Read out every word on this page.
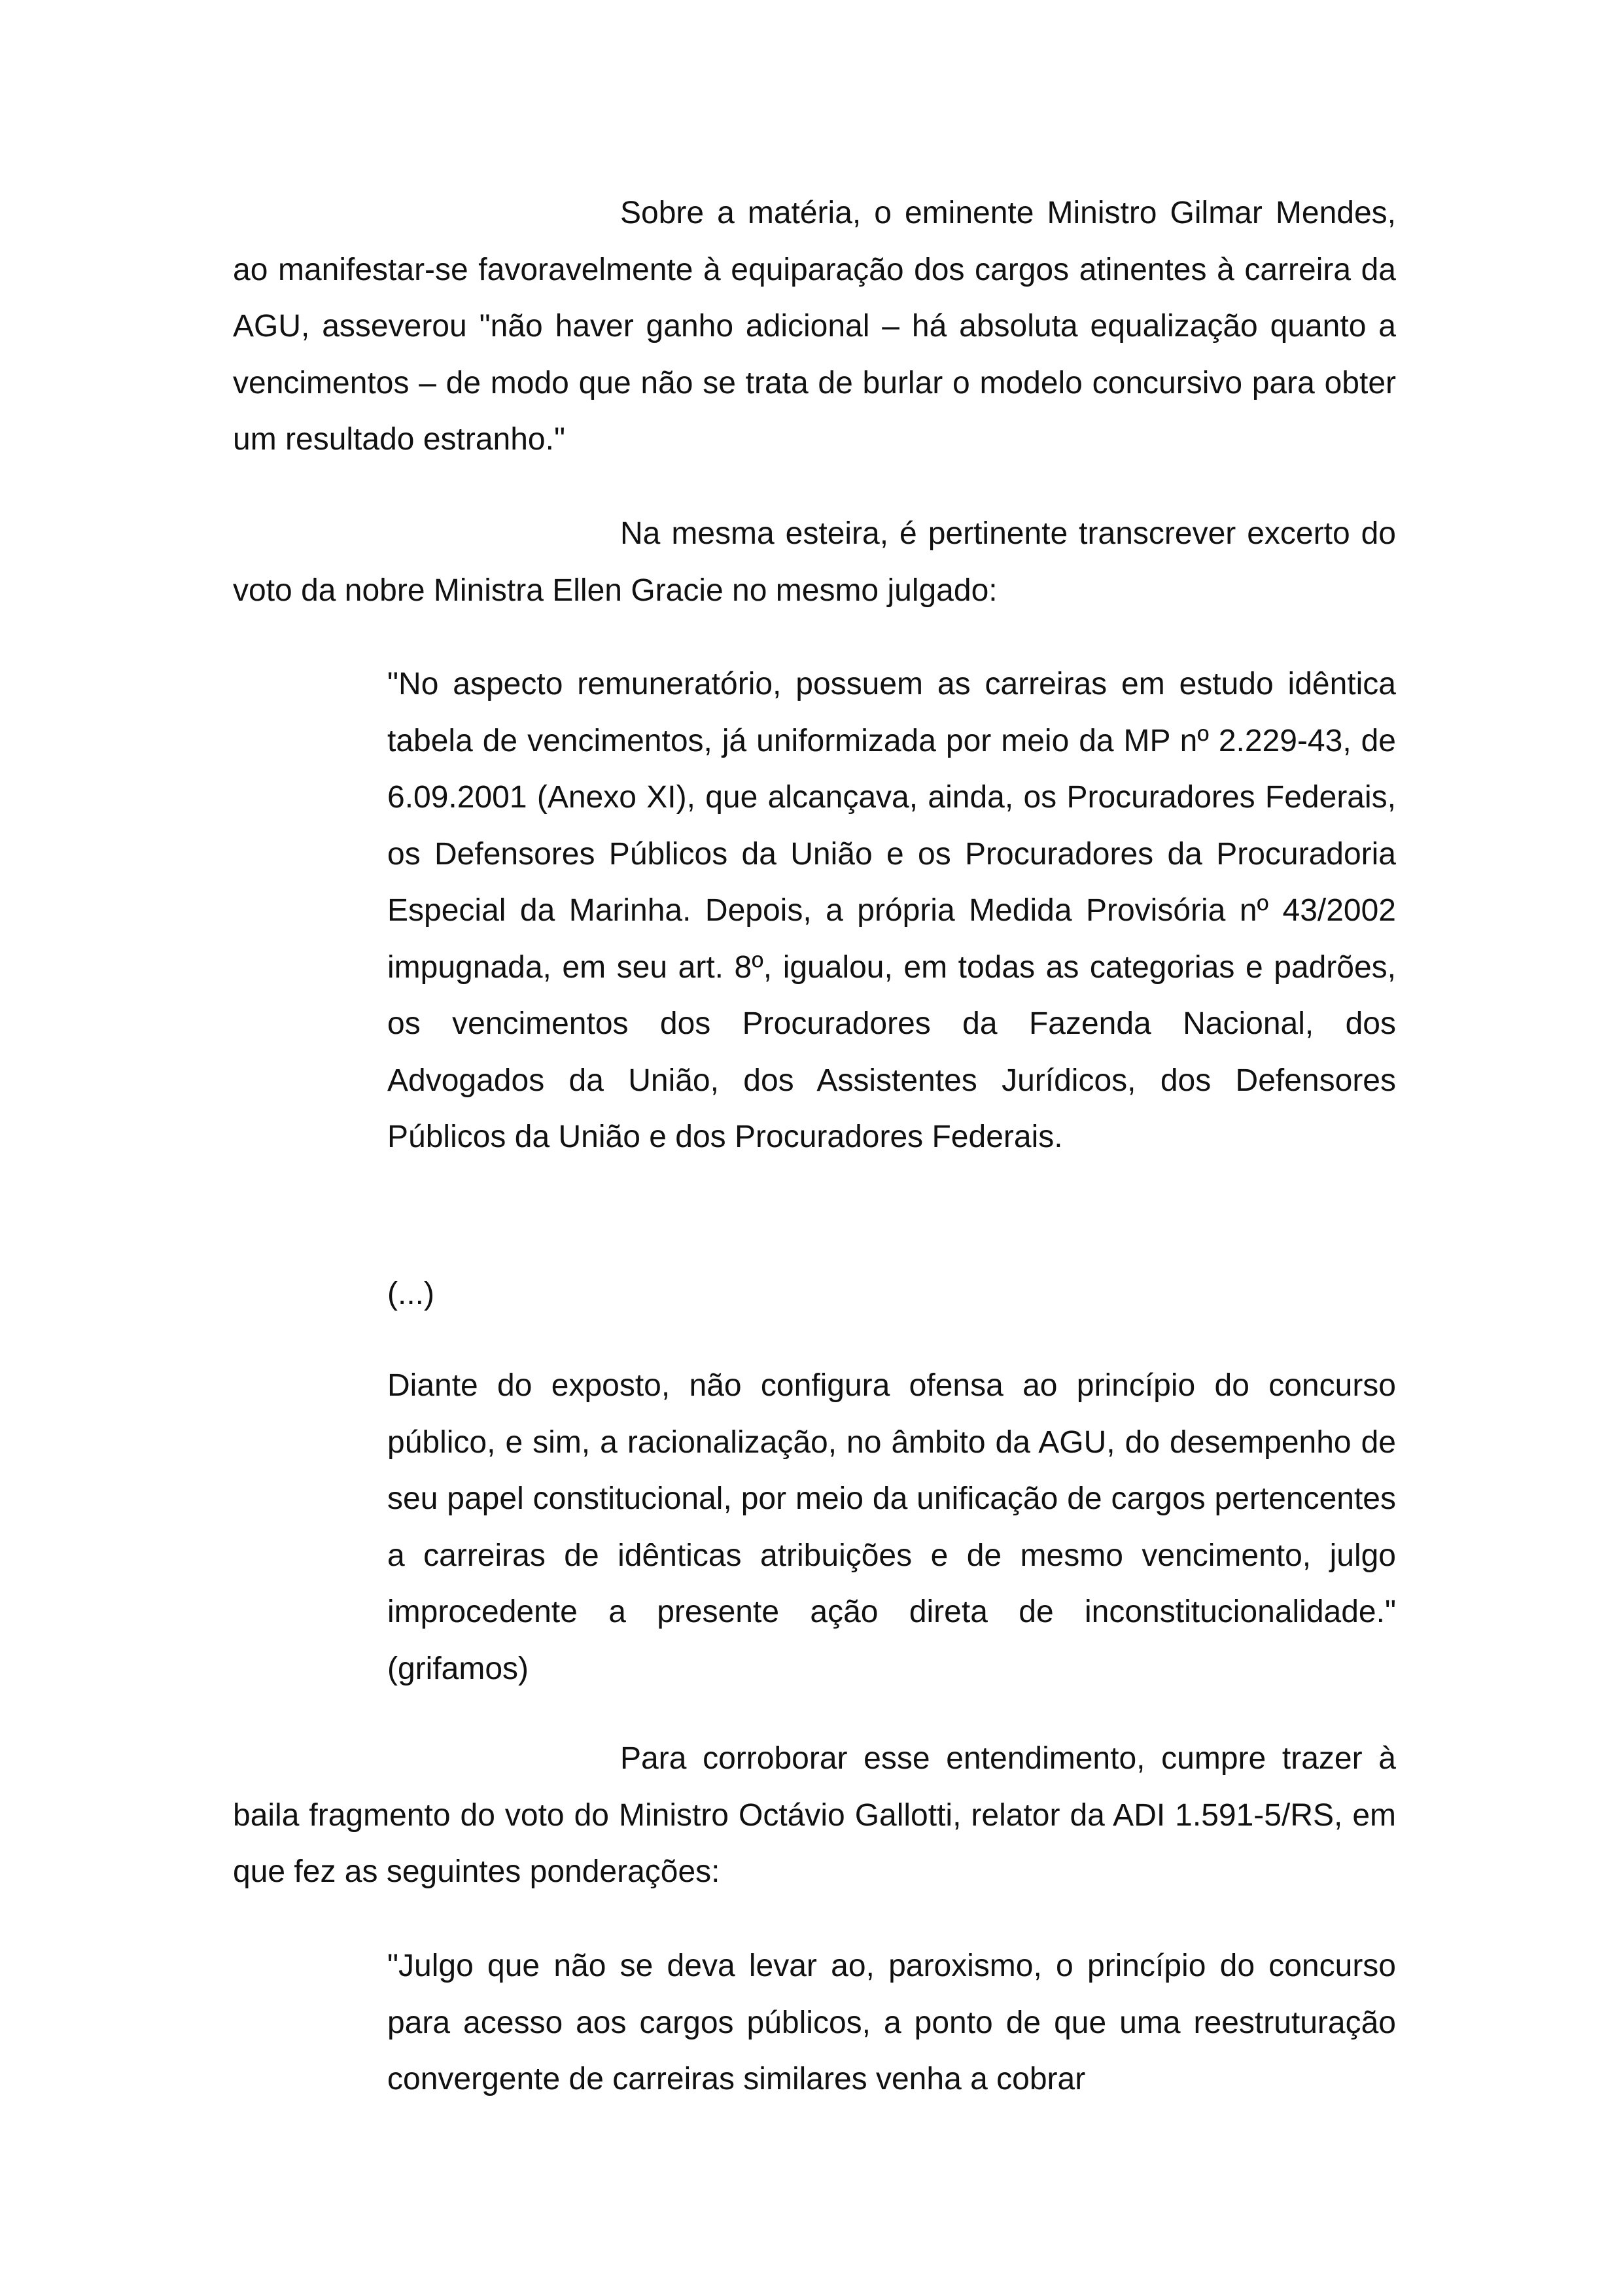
Sobre a matéria, o eminente Ministro Gilmar Mendes, ao manifestar-se favoravelmente à equiparação dos cargos atinentes à carreira da AGU, asseverou "não haver ganho adicional – há absoluta equalização quanto a vencimentos – de modo que não se trata de burlar o modelo concursivo para obter um resultado estranho."

Na mesma esteira, é pertinente transcrever excerto do voto da nobre Ministra Ellen Gracie no mesmo julgado:

"No aspecto remuneratório, possuem as carreiras em estudo idêntica tabela de vencimentos, já uniformizada por meio da MP nº 2.229-43, de 6.09.2001 (Anexo XI), que alcançava, ainda, os Procuradores Federais, os Defensores Públicos da União e os Procuradores da Procuradoria Especial da Marinha. Depois, a própria Medida Provisória nº 43/2002 impugnada, em seu art. 8º, igualou, em todas as categorias e padrões, os vencimentos dos Procuradores da Fazenda Nacional, dos Advogados da União, dos Assistentes Jurídicos, dos Defensores Públicos da União e dos Procuradores Federais.

(...)

Diante do exposto, não configura ofensa ao princípio do concurso público, e sim, a racionalização, no âmbito da AGU, do desempenho de seu papel constitucional, por meio da unificação de cargos pertencentes a carreiras de idênticas atribuições e de mesmo vencimento, julgo improcedente a presente ação direta de inconstitucionalidade." (grifamos)

Para corroborar esse entendimento, cumpre trazer à baila fragmento do voto do Ministro Octávio Gallotti, relator da ADI 1.591-5/RS, em que fez as seguintes ponderações:

"Julgo que não se deva levar ao, paroxismo, o princípio do concurso para acesso aos cargos públicos, a ponto de que uma reestruturação convergente de carreiras similares venha a cobrar
